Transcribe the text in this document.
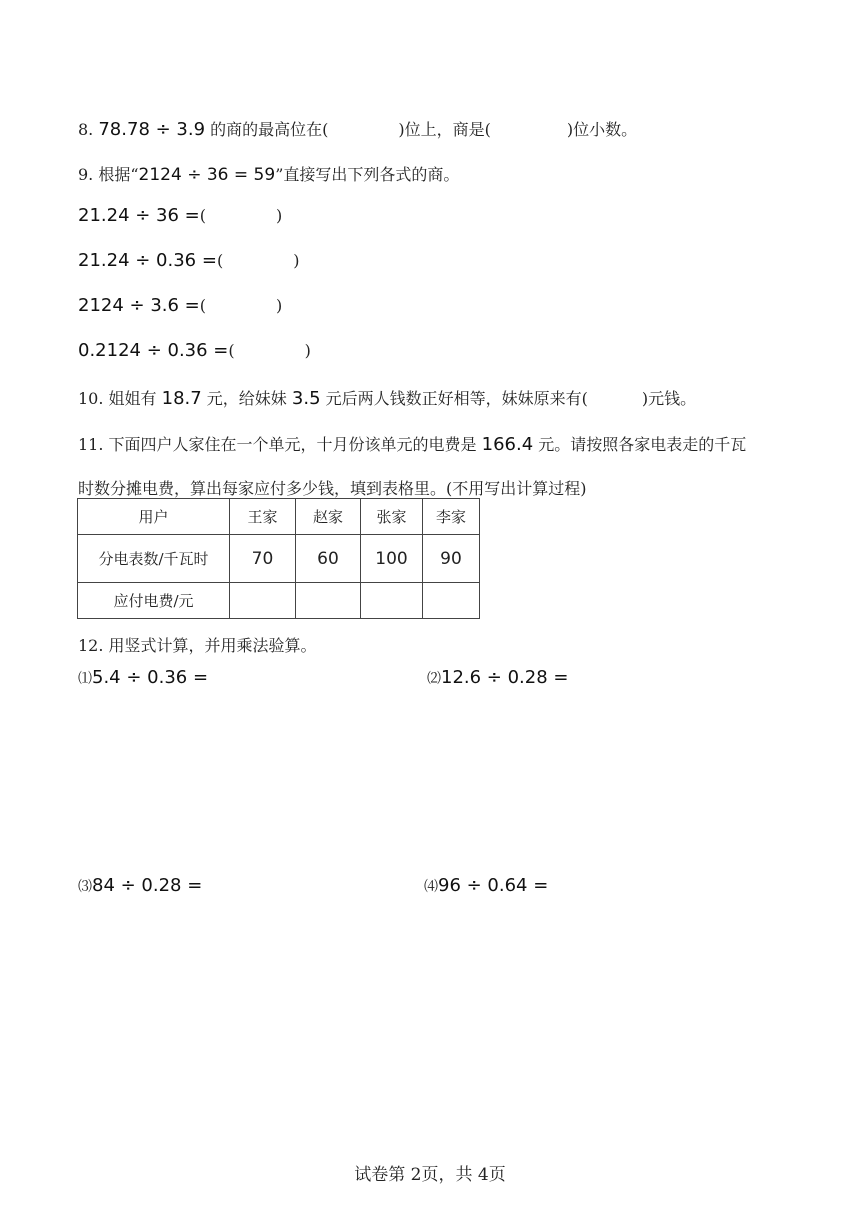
8. 78.78 ÷ 3.9 的商的最高位在(	)位上，商是(	)位小数。
9. 根据“2124 ÷ 36 = 59”直接写出下列各式的商。
21.24 ÷ 36 =(	)
21.24 ÷ 0.36 =(	)
2124 ÷ 3.6 =(	)
0.2124 ÷ 0.36 =(	)
10. 姐姐有 18.7 元，给妹妹 3.5 元后两人钱数正好相等，妹妹原来有(	)元钱。
11. 下面四户人家住在一个单元，十月份该单元的电费是 166.4 元。请按照各家电表走的千瓦
时数分摊电费，算出每家应付多少钱，填到表格里。(不用写出计算过程)
用户	王家	赵家	张家	李家
分电表数/千瓦时	70	60	100	90
应付电费/元				
12. 用竖式计算，并用乘法验算。
⑴5.4 ÷ 0.36 =	⑵12.6 ÷ 0.28 =
⑶84 ÷ 0.28 =	⑷96 ÷ 0.64 =
试卷第 2页，共 4页
